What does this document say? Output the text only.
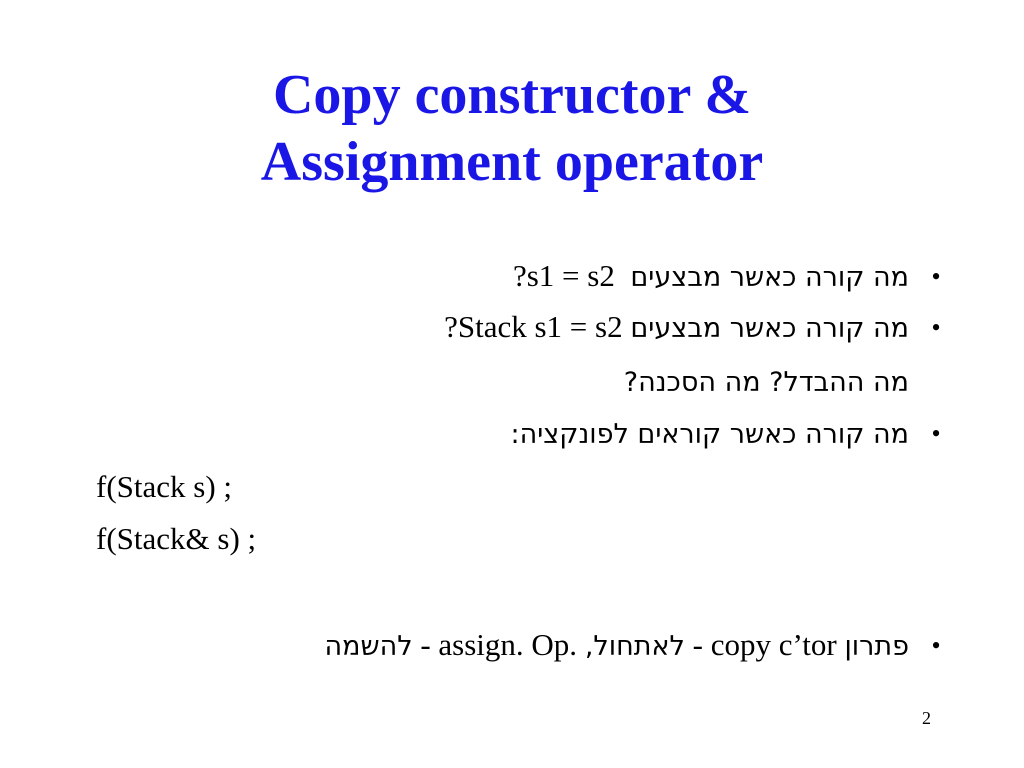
Copy constructor &
Assignment operator
•
מה קורה כאשר מבצעים  s1 = s2?
•
מה קורה כאשר מבצעים Stack s1 = s2?
מה ההבדל? מה הסכנה?
•
מה קורה כאשר קוראים לפונקציה:
f(Stack s) ;
f(Stack& s) ;
•
פתרון copy c’tor - לאתחול, assign. Op. - להשמה
2
